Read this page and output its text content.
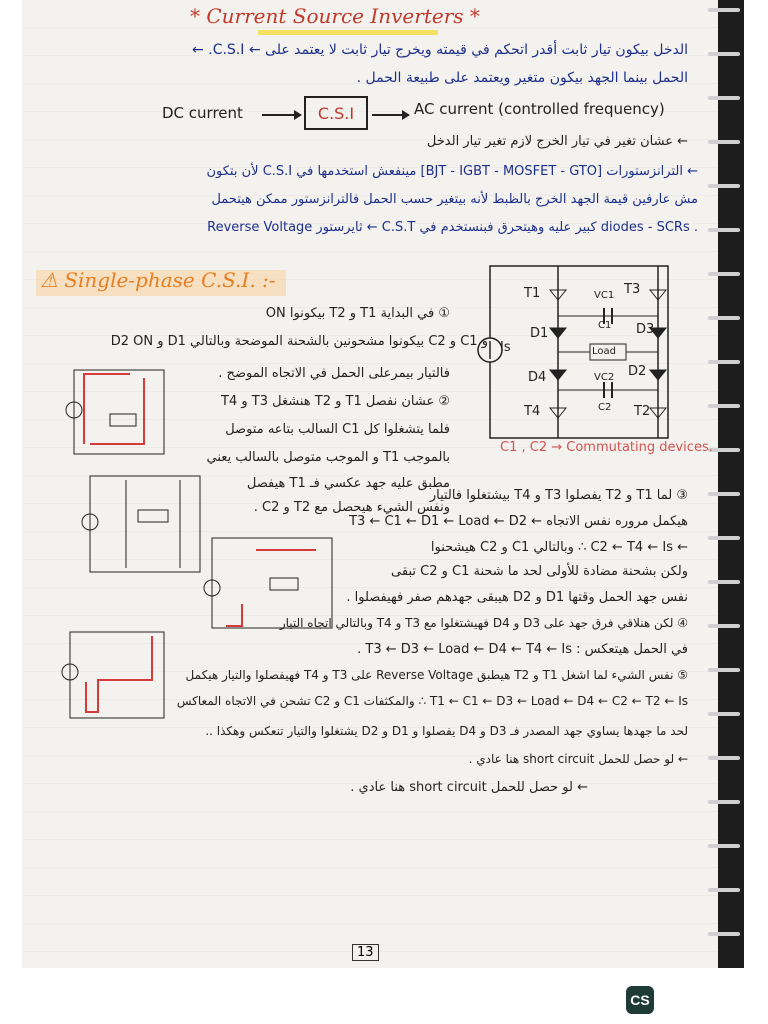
* Current Source Inverters *
الدخل بيكون تيار ثابت أقدر اتحكم في قيمته ويخرج تيار ثابت لا يعتمد على ← C.S.I. ←
الحمل بينما الجهد بيكون متغير ويعتمد على طبيعة الحمل .
DC current	C.S.I	AC current (controlled frequency)
← عشان تغير في تيار الخرج لازم تغير تيار الدخل
← الترانزستورات [BJT - IGBT - MOSFET - GTO] مينفعش استخدمها في C.S.I لأن بتكون
مش عارفين قيمة الجهد الخرج بالظبط لأنه بيتغير حسب الحمل فالترانزستور ممكن هيتحمل
. diodes - SCRs كبير عليه وهيتحرق فبنستخدم في C.S.T ← ثايرستور Reverse Voltage
⚠ Single-phase C.S.I. :-
Is
T1	T3
T4	T2
D1
D2
D3
D4
C1
C2
VC1
VC2
Load
C1 , C2 → Commutating devices.
① في البداية T1 و T2 بيكونوا ON
و C1 و C2 بيكونوا مشحونين بالشحنة الموضحة وبالتالي D1 و D2 ON
فالتيار بيمرعلى الحمل في الاتجاه الموضح .
② عشان نفصل T1 و T2 هنشغل T3 و T4
فلما يتشغلوا كل C1 السالب بتاعه متوصل
بالموجب T1 و الموجب متوصل بالسالب يعني
مطبق عليه جهد عكسي فـ T1 هيفصل
ونفس الشيء هيحصل مع T2 و C2 .
③ لما T1 و T2 يفصلوا T3 و T4 بيشتغلوا فالتيار
هيكمل مروره نفس الاتجاه ← T3 ← C1 ← D1 ← Load ← D2
← C2 ← T4 ← Is ∴ وبالتالي C1 و C2 هيشحنوا
ولكن بشحنة مضادة للأولى لحد ما شحنة C1 و C2 تبقى
نفس جهد الحمل وقتها D1 و D2 هيبقى جهدهم صفر فهيفصلوا .
④ لكن هنلاقي فرق جهد على D3 و D4 فهيشتغلوا مع T3 و T4 وبالتالي اتجاه التيار
في الحمل هيتعكس : T3 ← D3 ← Load ← D4 ← T4 ← Is .
⑤ نفس الشيء لما اشغل T1 و T2 هيطبق Reverse Voltage على T3 و T4 فهيفصلوا والتيار هيكمل
T1 ← C1 ← D3 ← Load ← D4 ← C2 ← T2 ← Is ∴ والمكثفات C1 و C2 تشحن في الاتجاه المعاكس
لحد ما جهدها يساوي جهد المصدر فـ D3 و D4 يفصلوا و D1 و D2 يشتغلوا والتيار تنعكس وهكذا ..
← لو حصل للحمل short circuit هنا عادي .
← لو حصل للحمل short circuit هنا عادي .
13
CS
